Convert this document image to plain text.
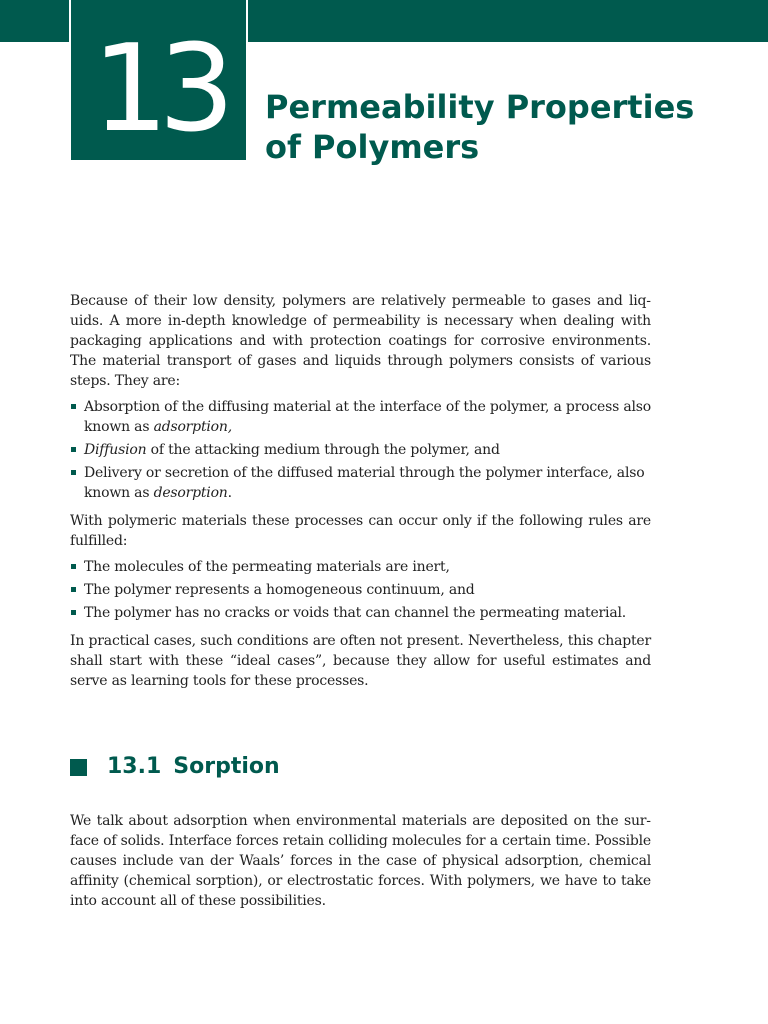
13	Permeability Properties
of Polymers

Because of their low density, polymers are relatively permeable to gases and liquids. A more in-depth knowledge of permeability is necessary when dealing with packaging applications and with protection coatings for corrosive environments. The material transport of gases and liquids through polymers consists of various steps. They are:

Absorption of the diffusing material at the interface of the polymer, a process also known as adsorption,
Diffusion of the attacking medium through the polymer, and
Delivery or secretion of the diffused material through the polymer interface, also known as desorption.

With polymeric materials these processes can occur only if the following rules are fulfilled:

The molecules of the permeating materials are inert,
The polymer represents a homogeneous continuum, and
The polymer has no cracks or voids that can channel the permeating material.

In practical cases, such conditions are often not present. Nevertheless, this chapter shall start with these “ideal cases”, because they allow for useful estimates and serve as learning tools for these processes.

13.1 Sorption

We talk about adsorption when environmental materials are deposited on the surface of solids. Interface forces retain colliding molecules for a certain time. Possible causes include van der Waals’ forces in the case of physical adsorption, chemical affinity (chemical sorption), or electrostatic forces. With polymers, we have to take into account all of these possibilities.
